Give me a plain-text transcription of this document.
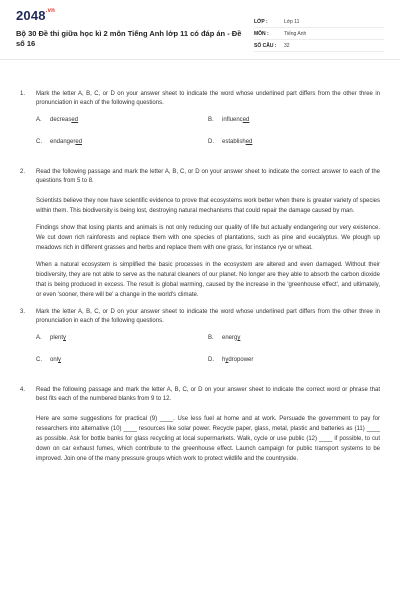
$2048^{.vn}$
Bộ 30 Đề thi giữa học kì 2 môn Tiếng Anh lớp 11 có đáp án - Đề số 16
LỚP :	Lớp 11
MÔN :	Tiếng Anh
SỐ CÂU :	32
1.	Mark the letter A, B, C, or D on your answer sheet to indicate the word whose underlined part differs from the other three in pronunciation in each of the following questions.
A.	decreased	B.	influenced
C.	endangered	D.	established
2.	Read the following passage and mark the letter A, B, C, or D on your answer sheet to indicate the correct answer to each of the questions from 5 to 8.
Scientists believe they now have scientific evidence to prove that ecosystems work better when there is greater variety of species within them. This biodiversity is being lost, destroying natural mechanisms that could repair the damage caused by man.
Findings show that losing plants and animals is not only reducing our quality of life but actually endangering our very existence. We cut down rich rainforests and replace them with one species of plantations, such as pine and eucalyptus. We plough up meadows rich in different grasses and herbs and replace them with one grass, for instance rye or wheat.
When a natural ecosystem is simplified the basic processes in the ecosystem are altered and even damaged. Without their biodiversity, they are not able to serve as the natural cleaners of our planet. No longer are they able to absorb the carbon dioxide that is being produced in excess. The result is global warming, caused by the increase in the 'greenhouse effect', and ultimately, or even 'sooner, there will be' a change in the world's climate.
3.	Mark the letter A, B, C, or D on your answer sheet to indicate the word whose underlined part differs from the other three in pronunciation in each of the following questions.
A.	plenty	B.	energy
C.	only	D.	hydropower
4.	Read the following passage and mark the letter A, B, C, or D on your answer sheet to indicate the correct word or phrase that best fits each of the numbered blanks from 9 to 12.
Here are some suggestions for practical (9) ____. Use less fuel at home and at work. Persuade the government to pay for researchers into alternative (10) ____ resources like solar power. Recycle paper, glass, metal, plastic and batteries as (11) ____ as possible. Ask for bottle banks for glass recycling at local supermarkets. Walk, cycle or use public (12) ____ if possible, to cut down on car exhaust fumes, which contribute to the greenhouse effect. Launch campaign for public transport systems to be improved. Join one of the many pressure groups which work to protect wildlife and the countryside.
